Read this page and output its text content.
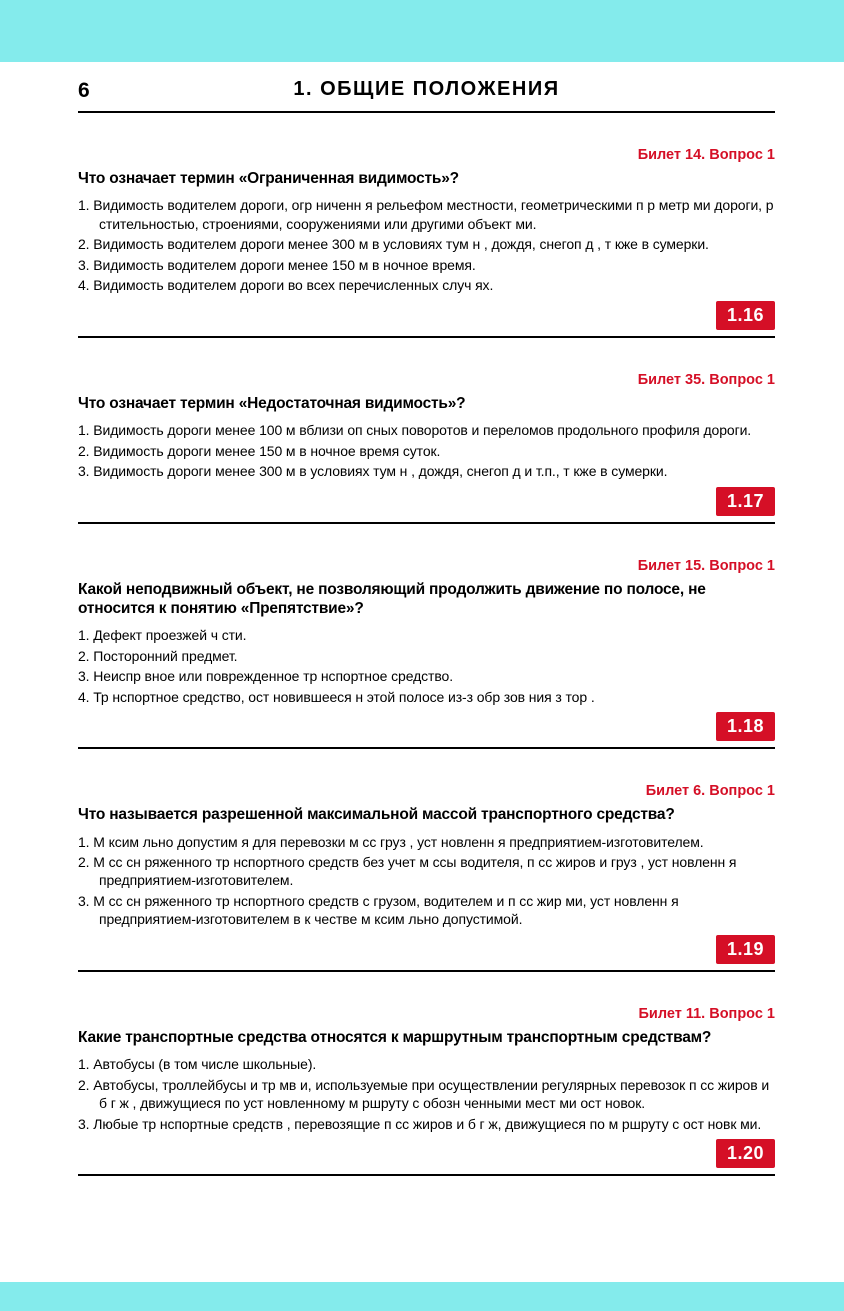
6	1. ОБЩИЕ ПОЛОЖЕНИЯ
Билет 14. Вопрос 1
Что означает термин «Ограниченная видимость»?

1. Видимость водителем дороги, огр ниченн я рельефом местности, геометрическими п р метр ми дороги, р стительностью, строениями, сооружениями или другими объект ми.

2. Видимость водителем дороги менее 300 м в условиях тум н , дождя, снегоп д , т кже в сумерки.

3. Видимость водителем дороги менее 150 м в ночное время.

4. Видимость водителем дороги во всех перечисленных случ ях.

1.16
Билет 35. Вопрос 1
Что означает термин «Недостаточная видимость»?

1. Видимость дороги менее 100 м вблизи оп сных поворотов и переломов продольного профиля дороги.

2. Видимость дороги менее 150 м в ночное время суток.

3. Видимость дороги менее 300 м в условиях тум н , дождя, снегоп д и т.п., т кже в сумерки.

1.17
Билет 15. Вопрос 1
Какой неподвижный объект, не позволяющий продолжить движение по полосе, не относится к понятию «Препятствие»?

1. Дефект проезжей ч сти.

2. Посторонний предмет.

3. Неиспр вное или поврежденное тр нспортное средство.

4. Тр нспортное средство, ост новившееся н этой полосе из-з обр зов ния з тор .

1.18
Билет 6. Вопрос 1
Что называется разрешенной максимальной массой транспортного средства?

1. М ксим льно допустим я для перевозки м сс груз , уст новленн я предприятием-изготовителем.

2. М сс сн ряженного тр нспортного средств без учет м ссы водителя, п сс жиров и груз , уст новленн я предприятием-изготовителем.

3. М сс сн ряженного тр нспортного средств с грузом, водителем и п сс жир ми, уст новленн я предприятием-изготовителем в к честве м ксим льно допустимой.

1.19
Билет 11. Вопрос 1
Какие транспортные средства относятся к маршрутным транспортным средствам?

1. Автобусы (в том числе школьные).

2. Автобусы, троллейбусы и тр мв и, используемые при осуществлении регулярных перевозок п сс жиров и б г ж , движущиеся по уст новленному м ршруту с обозн ченными мест ми ост новок.

3. Любые тр нспортные средств , перевозящие п сс жиров и б г ж, движущиеся по м ршруту с ост новк ми.

1.20
